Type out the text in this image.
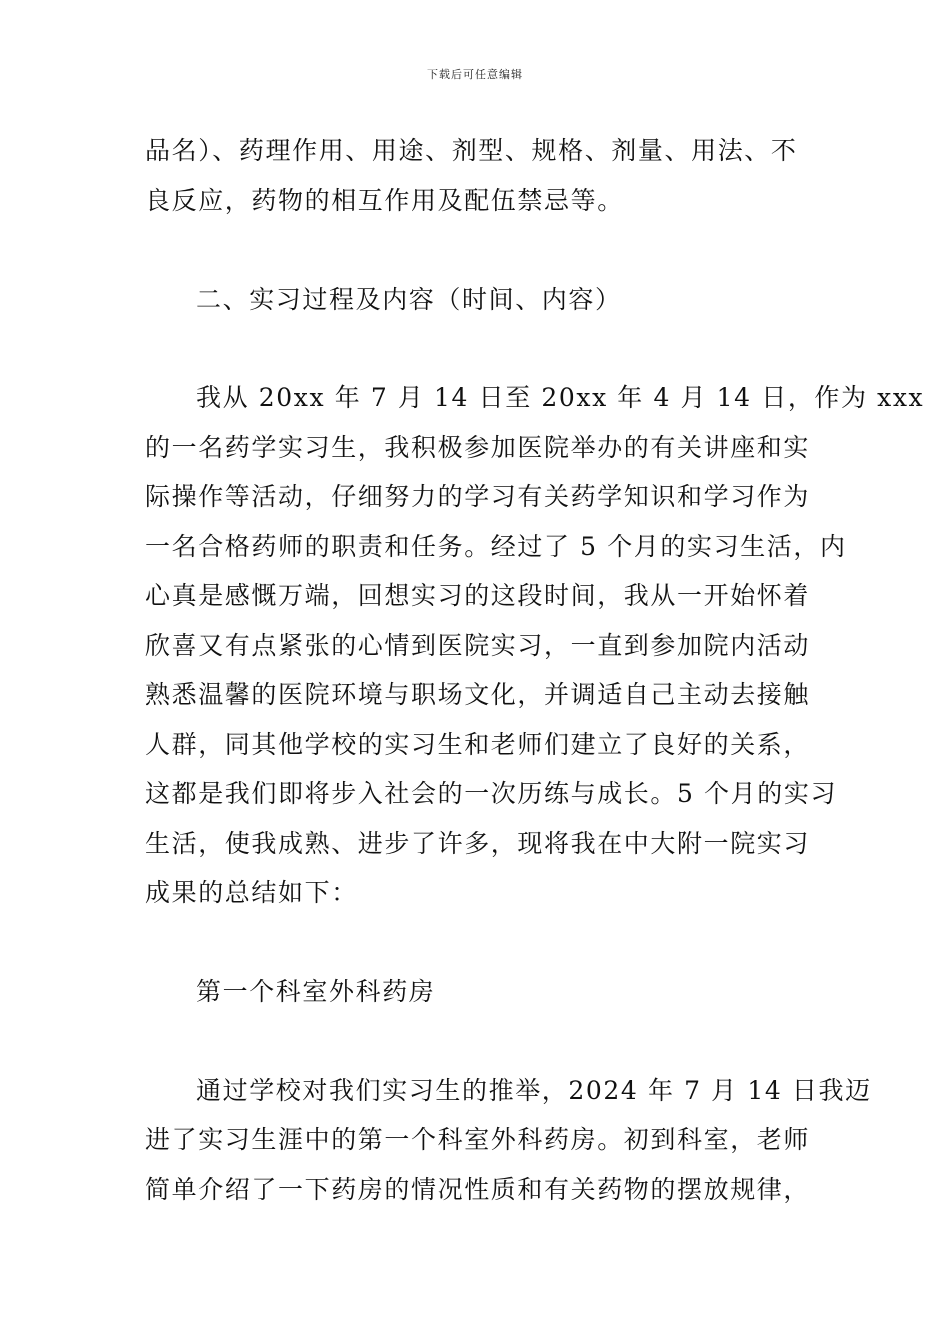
下载后可任意编辑
品名）、药理作用、用途、剂型、规格、剂量、用法、不
良反应，药物的相互作用及配伍禁忌等。
二、实习过程及内容（时间、内容）
我从 20xx 年 7 月 14 日至 20xx 年 4 月 14 日，作为 xxx
的一名药学实习生，我积极参加医院举办的有关讲座和实
际操作等活动，仔细努力的学习有关药学知识和学习作为
一名合格药师的职责和任务。经过了 5 个月的实习生活，内
心真是感慨万端，回想实习的这段时间，我从一开始怀着
欣喜又有点紧张的心情到医院实习，一直到参加院内活动
熟悉温馨的医院环境与职场文化，并调适自己主动去接触
人群，同其他学校的实习生和老师们建立了良好的关系，
这都是我们即将步入社会的一次历练与成长。5 个月的实习
生活，使我成熟、进步了许多，现将我在中大附一院实习
成果的总结如下：
第一个科室外科药房
通过学校对我们实习生的推举，2024 年 7 月 14 日我迈
进了实习生涯中的第一个科室外科药房。初到科室，老师
简单介绍了一下药房的情况性质和有关药物的摆放规律，
